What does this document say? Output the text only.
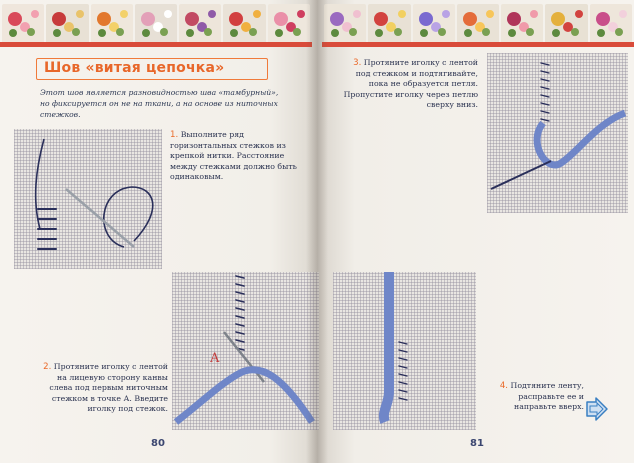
Шов «витая цепочка»

Этот шов является разновидностью шва «тамбурный», но фиксируется он не на ткани, а на основе из ниточных стежков.

1. Выполните ряд горизонтальных стежков из крепкой нитки. Расстояние между стежками должно быть одинаковым.

2. Протяните иголку с лентой на лицевую сторону канвы слева под первым ниточным стежком в точке А. Введите иголку под стежок.

A

3. Протяните иголку с лентой под стежком и подтягивайте, пока не образуется петля. Пропустите иголку через петлю сверху вниз.

4. Подтяните ленту, расправьте ее и направьте вверх.

80	81
